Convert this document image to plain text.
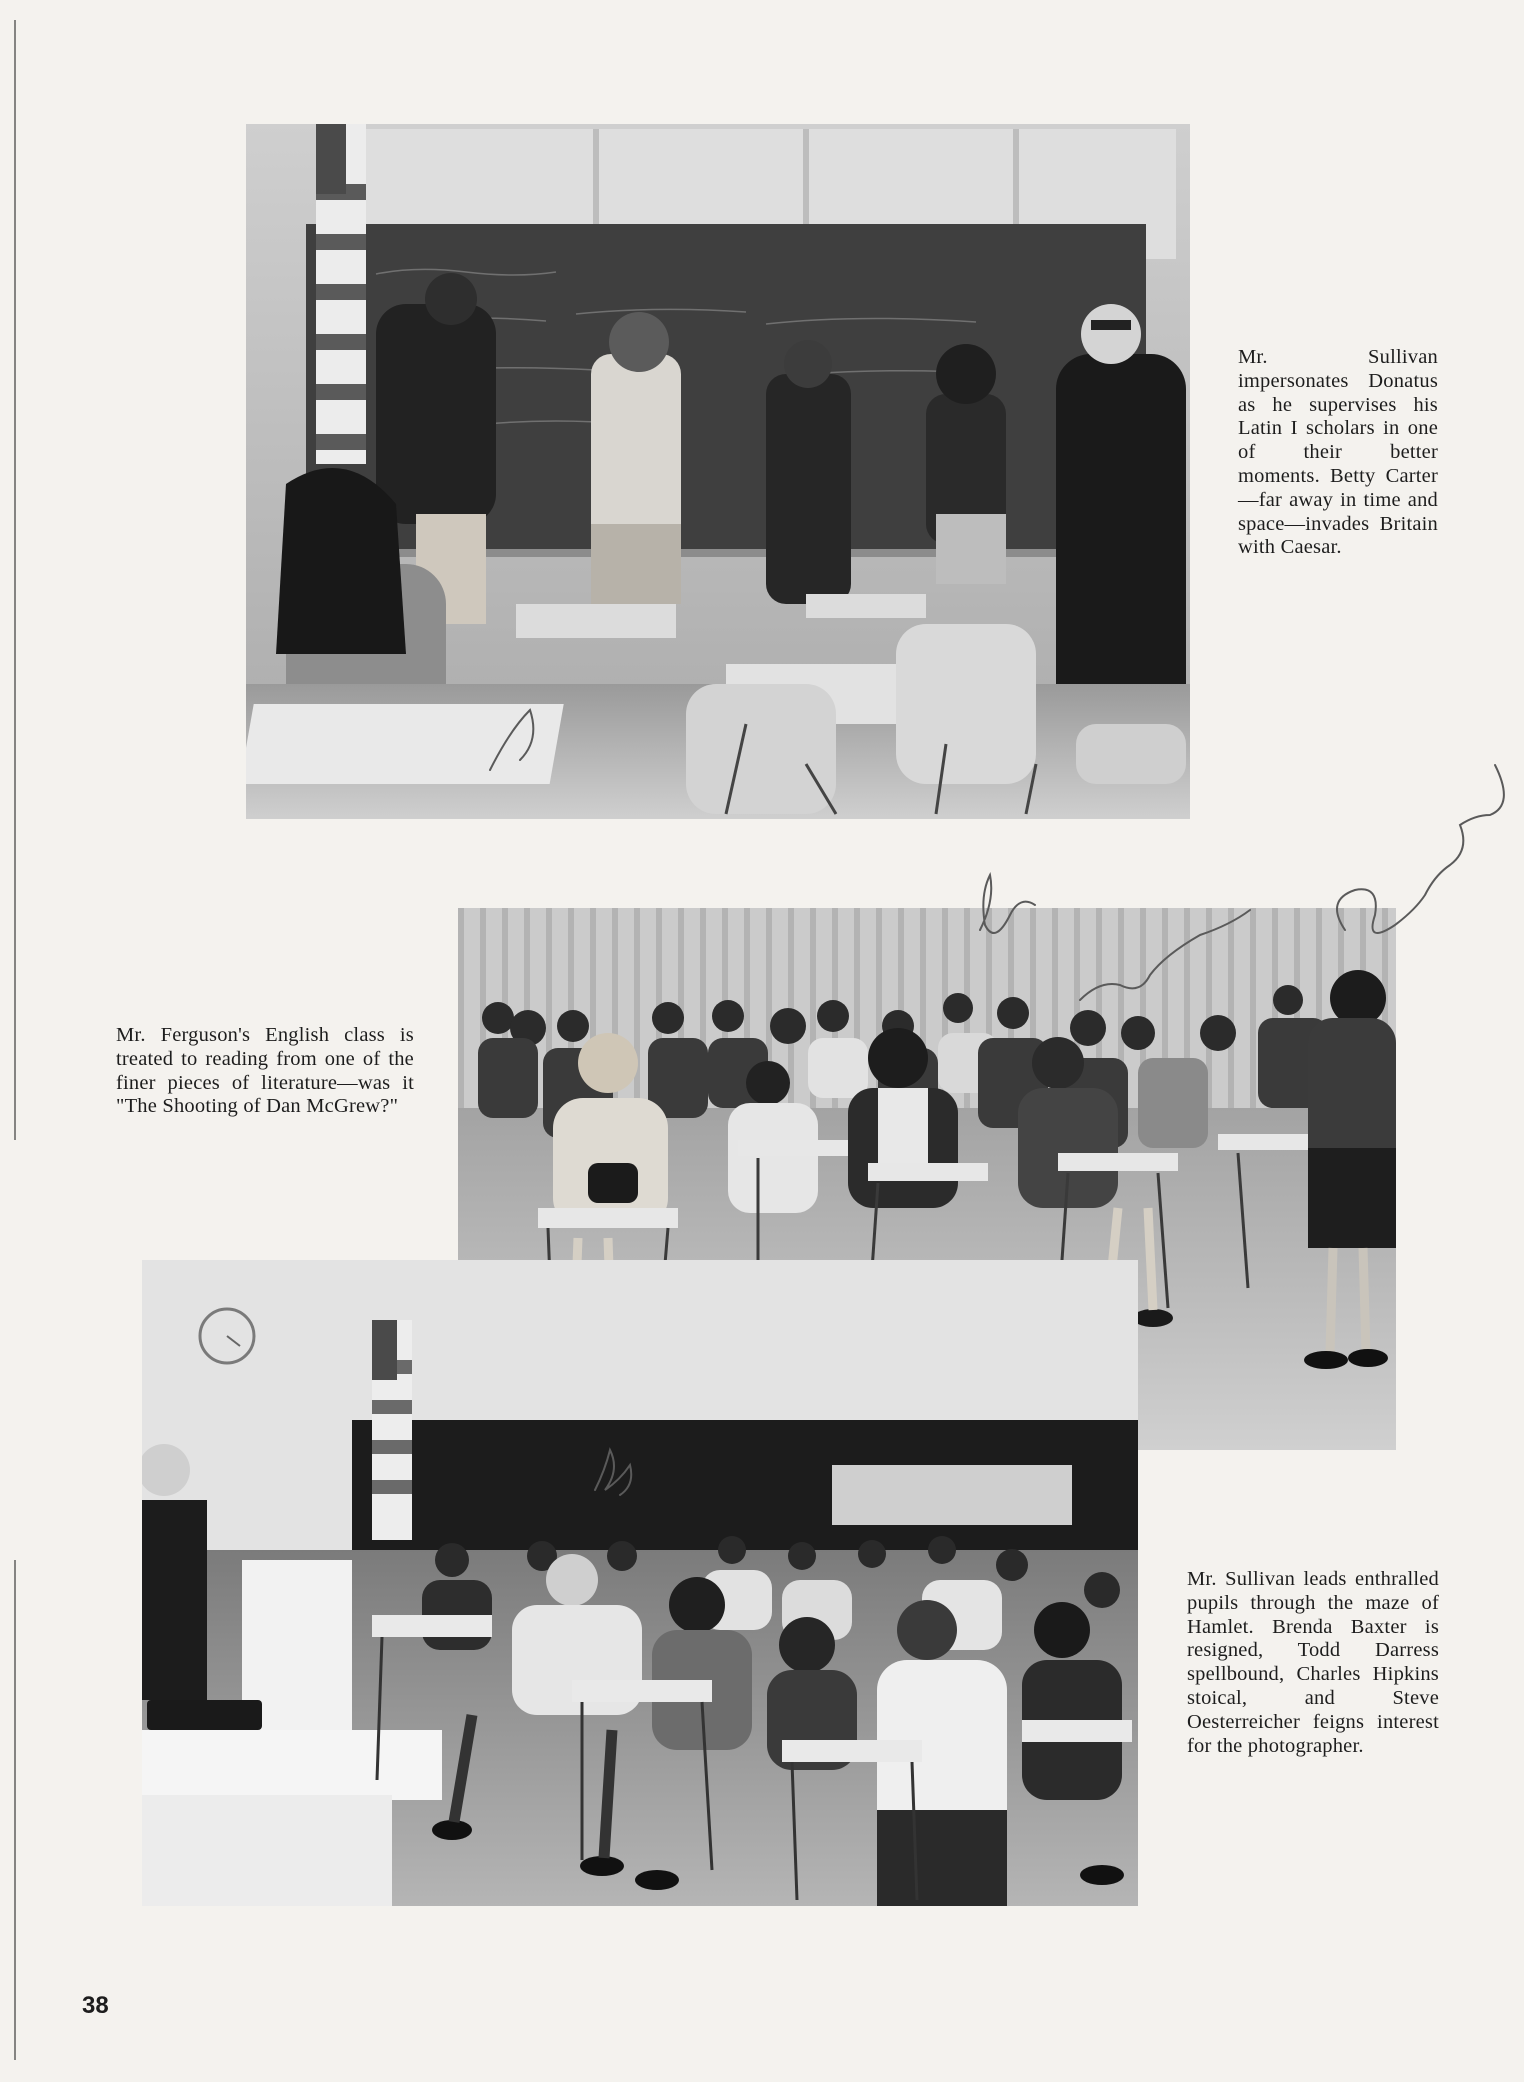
Mr. Sullivan impersonates Donatus as he supervises his Latin I scholars in one of their better moments. Betty Carter—far away in time and space—invades Britain with Caesar.

Mr. Ferguson's English class is treated to reading from one of the finer pieces of literature—was it "The Shooting of Dan McGrew?"

Mr. Sullivan leads enthralled pupils through the maze of Hamlet. Brenda Baxter is resigned, Todd Darress spellbound, Charles Hipkins stoical, and Steve Oesterreicher feigns interest for the photographer.

38
